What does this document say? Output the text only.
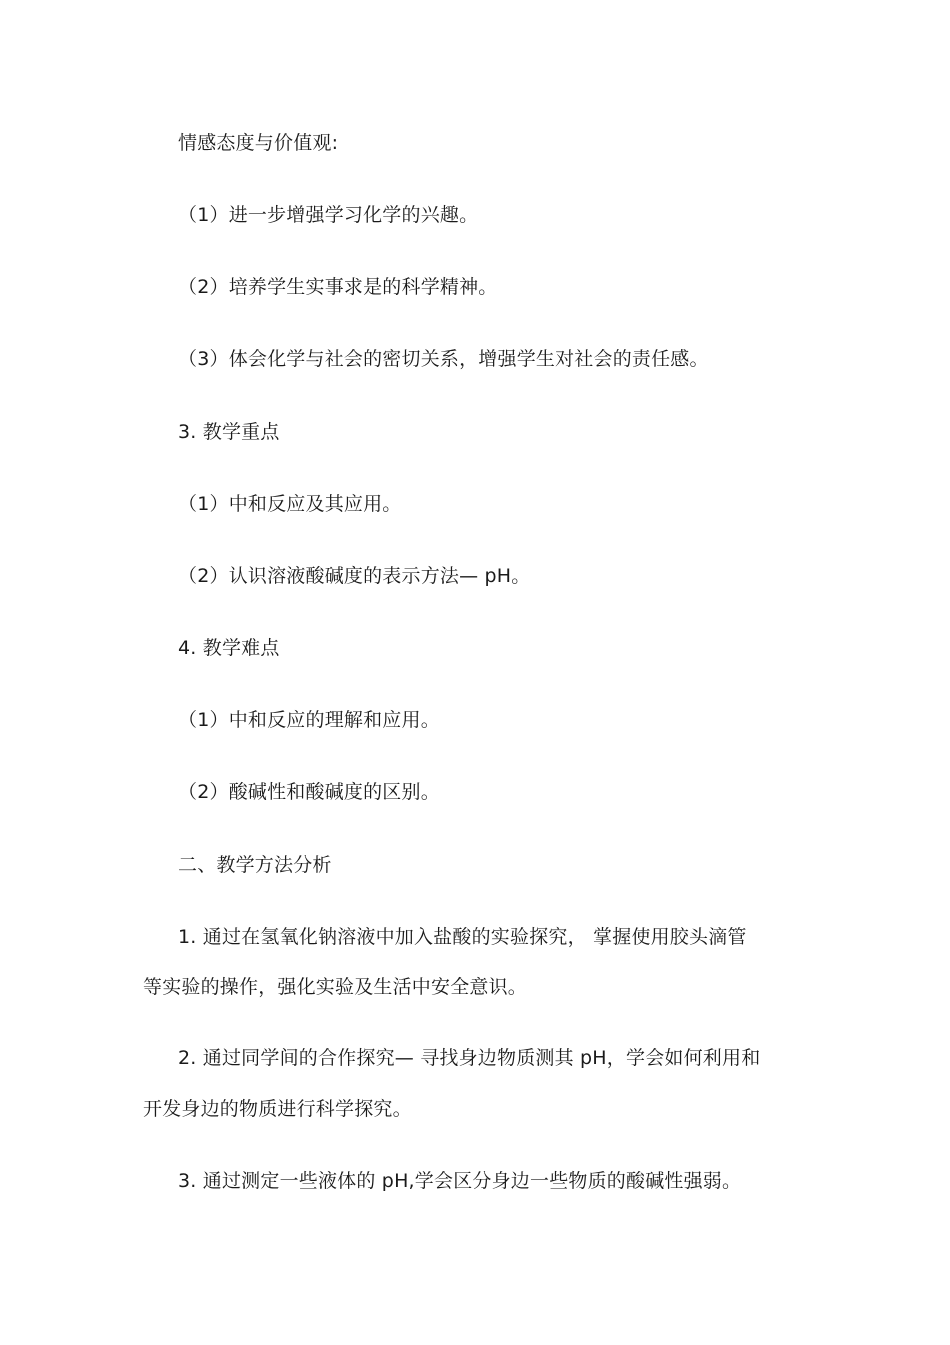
情感态度与价值观:
（1）进一步增强学习化学的兴趣。
（2）培养学生实事求是的科学精神。
（3）体会化学与社会的密切关系，增强学生对社会的责任感。
3. 教学重点
（1）中和反应及其应用。
（2）认识溶液酸碱度的表示方法— pH。
4. 教学难点
（1）中和反应的理解和应用。
（2）酸碱性和酸碱度的区别。
二、教学方法分析
1. 通过在氢氧化钠溶液中加入盐酸的实验探究， 掌握使用胶头滴管
等实验的操作，强化实验及生活中安全意识。
2. 通过同学间的合作探究— 寻找身边物质测其 pH，学会如何利用和
开发身边的物质进行科学探究。
3. 通过测定一些液体的 pH,学会区分身边一些物质的酸碱性强弱。
